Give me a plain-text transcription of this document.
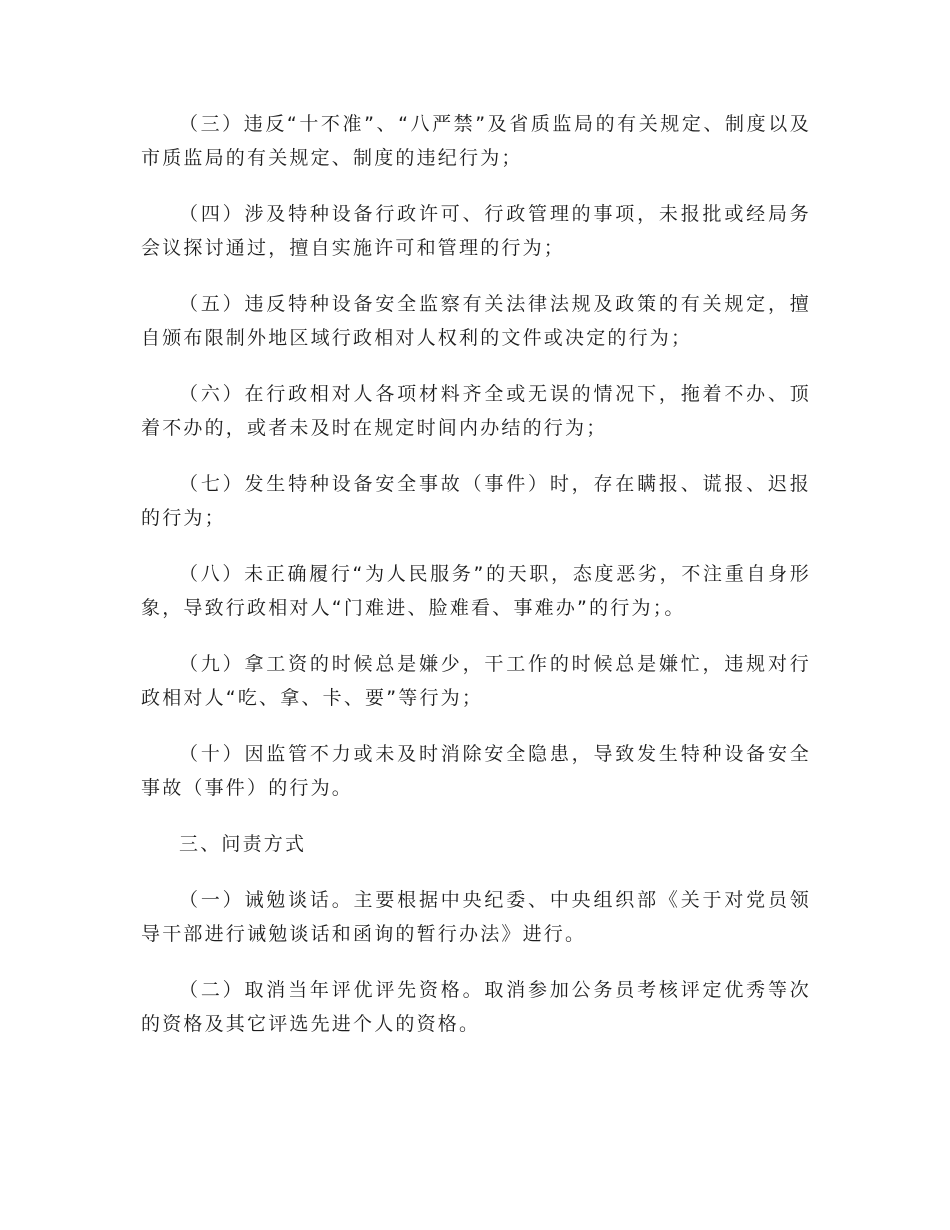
（三）违反“十不准”、“八严禁”及省质监局的有关规定、制度以及市质监局的有关规定、制度的违纪行为；

（四）涉及特种设备行政许可、行政管理的事项，未报批或经局务会议探讨通过，擅自实施许可和管理的行为；

（五）违反特种设备安全监察有关法律法规及政策的有关规定，擅自颁布限制外地区域行政相对人权利的文件或决定的行为；

（六）在行政相对人各项材料齐全或无误的情况下，拖着不办、顶着不办的，或者未及时在规定时间内办结的行为；

（七）发生特种设备安全事故（事件）时，存在瞒报、谎报、迟报的行为；

（八）未正确履行“为人民服务”的天职，态度恶劣，不注重自身形象，导致行政相对人“门难进、脸难看、事难办”的行为；。

（九）拿工资的时候总是嫌少，干工作的时候总是嫌忙，违规对行政相对人“吃、拿、卡、要”等行为；

（十）因监管不力或未及时消除安全隐患，导致发生特种设备安全事故（事件）的行为。

三、问责方式

（一）诫勉谈话。主要根据中央纪委、中央组织部《关于对党员领导干部进行诫勉谈话和函询的暂行办法》进行。

（二）取消当年评优评先资格。取消参加公务员考核评定优秀等次的资格及其它评选先进个人的资格。
